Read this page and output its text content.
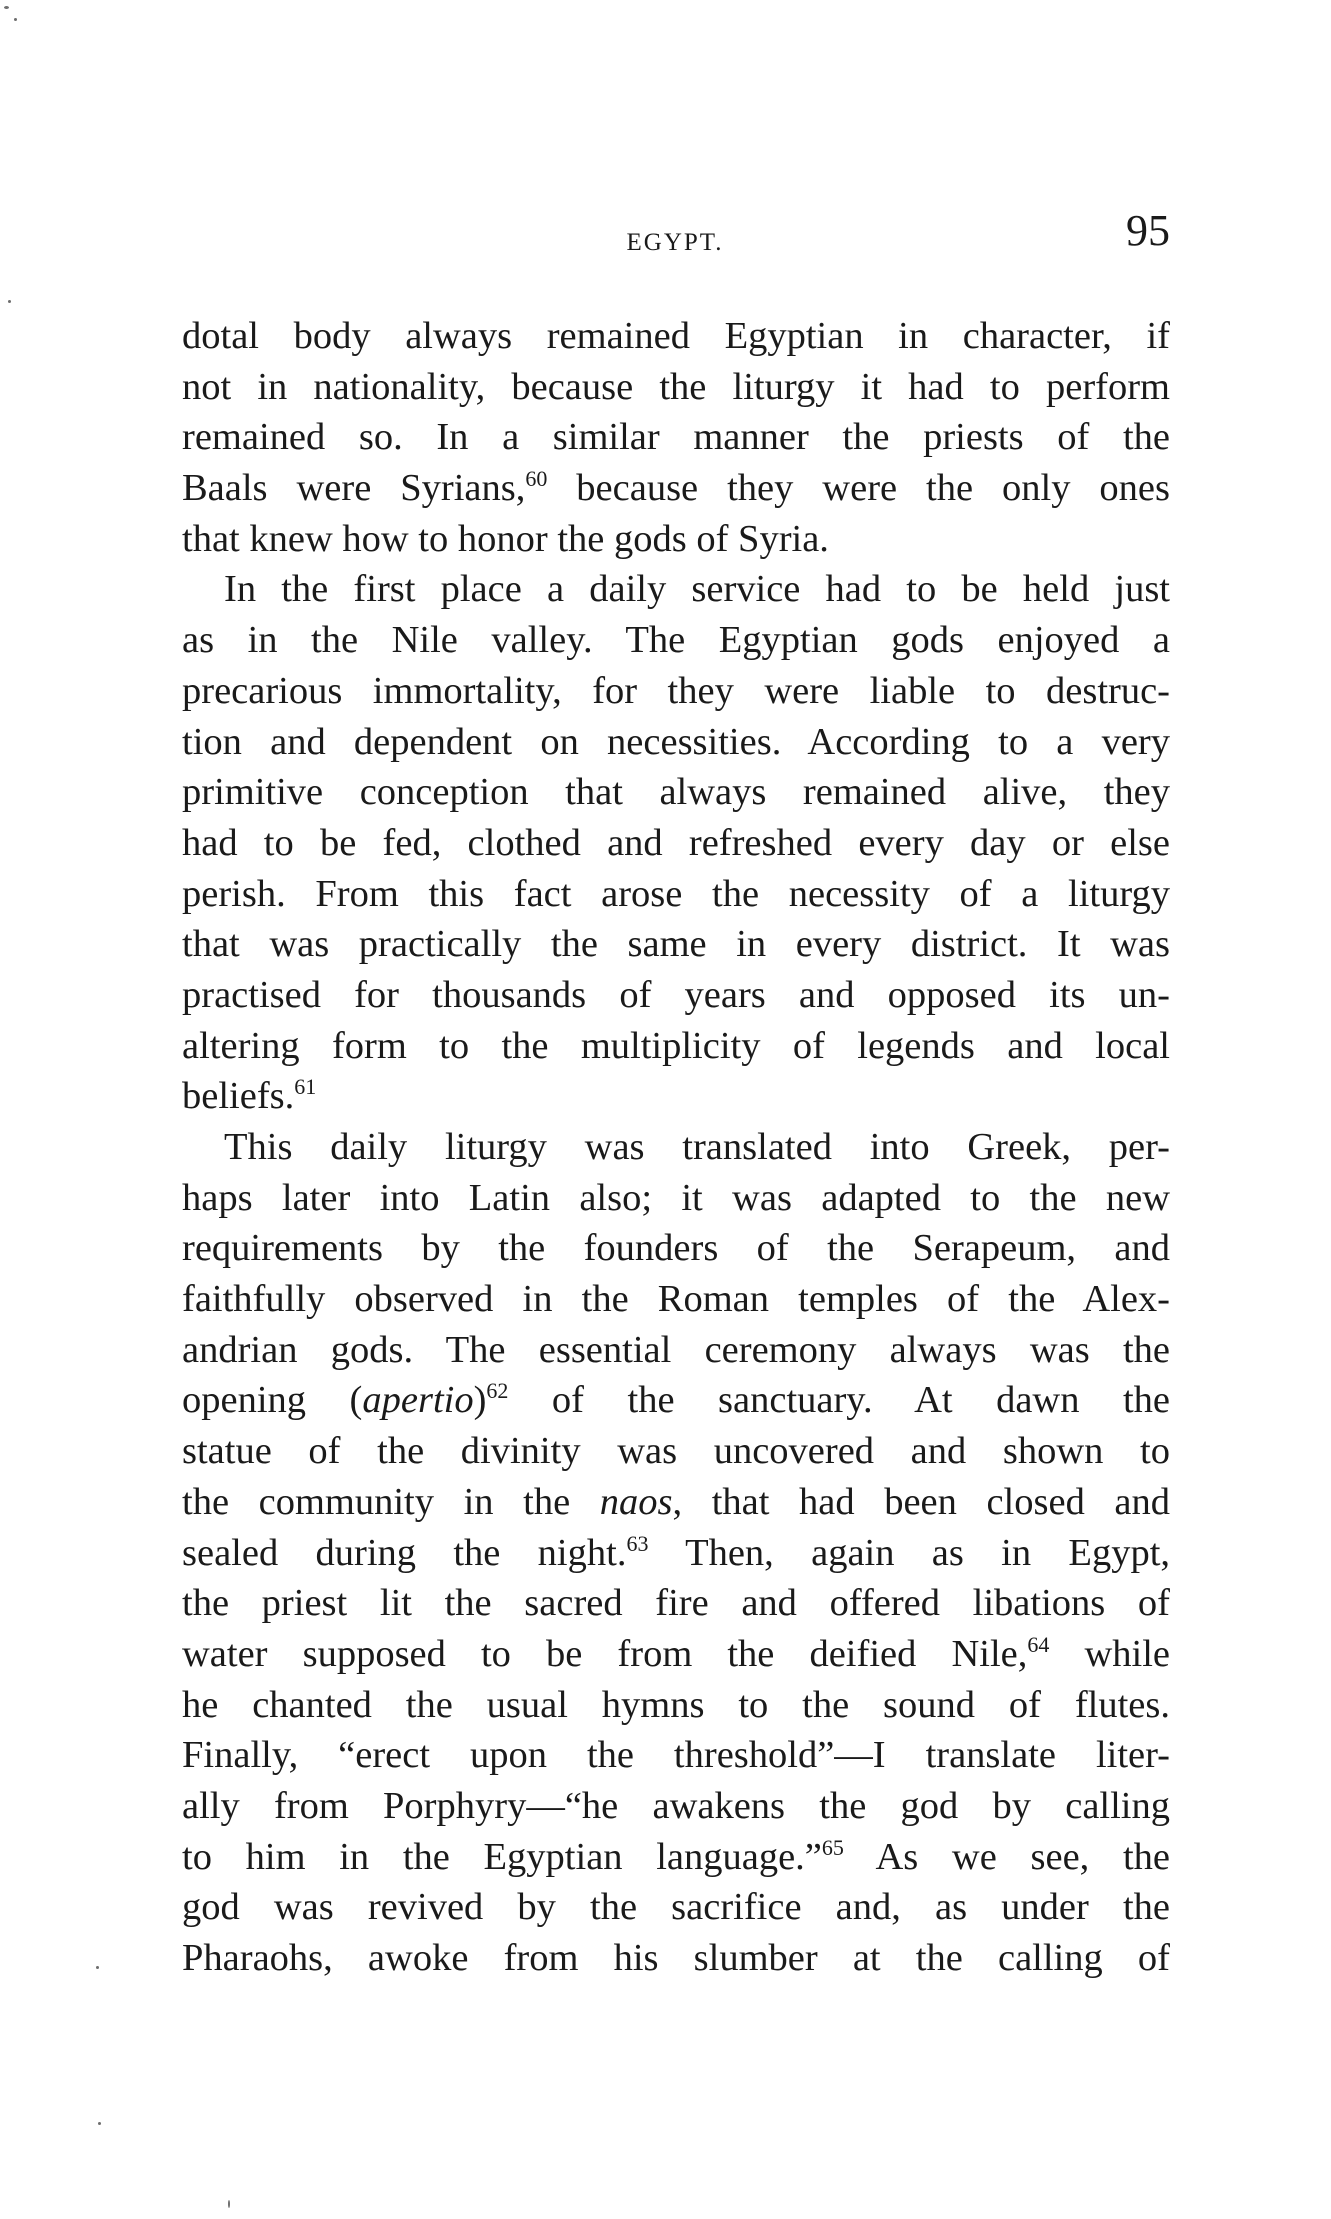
EGYPT.	95
dotal body always remained Egyptian in character, if
not in nationality, because the liturgy it had to perform
remained so. In a similar manner the priests of the
Baals were Syrians,$^{60}$ because they were the only ones
that knew how to honor the gods of Syria.
In the first place a daily service had to be held just
as in the Nile valley. The Egyptian gods enjoyed a
precarious immortality, for they were liable to destruc-
tion and dependent on necessities. According to a very
primitive conception that always remained alive, they
had to be fed, clothed and refreshed every day or else
perish. From this fact arose the necessity of a liturgy
that was practically the same in every district. It was
practised for thousands of years and opposed its un-
altering form to the multiplicity of legends and local
beliefs.$^{61}$
This daily liturgy was translated into Greek, per-
haps later into Latin also; it was adapted to the new
requirements by the founders of the Serapeum, and
faithfully observed in the Roman temples of the Alex-
andrian gods. The essential ceremony always was the
opening (apertio)$^{62}$ of the sanctuary. At dawn the
statue of the divinity was uncovered and shown to
the community in the naos, that had been closed and
sealed during the night.$^{63}$ Then, again as in Egypt,
the priest lit the sacred fire and offered libations of
water supposed to be from the deified Nile,$^{64}$ while
he chanted the usual hymns to the sound of flutes.
Finally, “erect upon the threshold”—I translate liter-
ally from Porphyry—“he awakens the god by calling
to him in the Egyptian language.”$^{65}$ As we see, the
god was revived by the sacrifice and, as under the
Pharaohs, awoke from his slumber at the calling of
